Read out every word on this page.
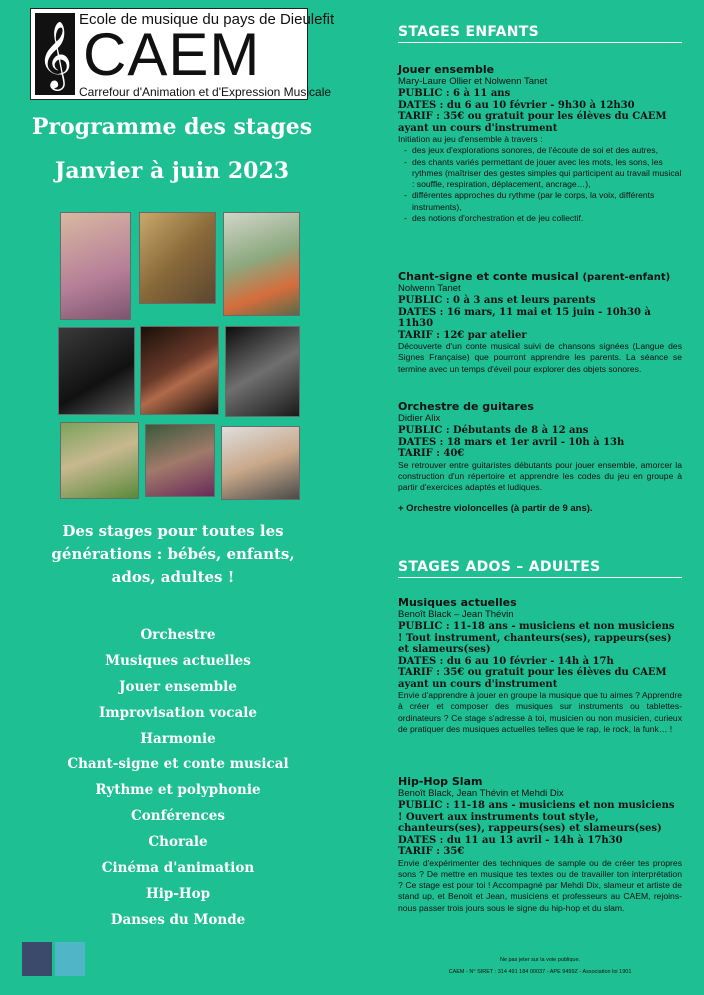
𝄞
Ecole de musique du pays de Dieulefit
CAEM
Carrefour d'Animation et d'Expression Musicale
Programme des stages
Janvier à juin 2023
Des stages pour toutes les générations : bébés, enfants, ados, adultes !
Orchestre
Musiques actuelles
Jouer ensemble
Improvisation vocale
Harmonie
Chant-signe et conte musical
Rythme et polyphonie
Conférences
Chorale
Cinéma d'animation
Hip-Hop
Danses du Monde
STAGES ENFANTS
Jouer ensemble
Mary-Laure Ollier et Nolwenn Tanet
PUBLIC : 6 à 11 ans
DATES : du 6 au 10 février - 9h30 à 12h30
TARIF : 35€ ou gratuit pour les élèves du CAEM ayant un cours d'instrument
Initiation au jeu d'ensemble à travers :
- des jeux d'explorations sonores, de l'écoute de soi et des autres,
- des chants variés permettant de jouer avec les mots, les sons, les rythmes (maîtriser des gestes simples qui participent au travail musical : souffle, respiration, déplacement, ancrage…),
- différentes approches du rythme (par le corps, la voix, différents instruments),
- des notions d'orchestration et de jeu collectif.
Chant-signe et conte musical (parent-enfant)
Nolwenn Tanet
PUBLIC : 0 à 3 ans et leurs parents
DATES : 16 mars, 11 mai et 15 juin - 10h30 à 11h30
TARIF : 12€ par atelier
Découverte d'un conte musical suivi de chansons signées (Langue des Signes Française) que pourront apprendre les parents. La séance se termine avec un temps d'éveil pour explorer des objets sonores.
Orchestre de guitares
Didier Alix
PUBLIC : Débutants de 8 à 12 ans
DATES : 18 mars et 1er avril - 10h à 13h
TARIF : 40€
Se retrouver entre guitaristes débutants pour jouer ensemble, amorcer la construction d'un répertoire et apprendre les codes du jeu en groupe à partir d'exercices adaptés et ludiques.
+ Orchestre violoncelles (à partir de 9 ans).
STAGES ADOS – ADULTES
Musiques actuelles
Benoît Black – Jean Thévin
PUBLIC : 11-18 ans - musiciens et non musiciens ! Tout instrument, chanteurs(ses), rappeurs(ses) et slameurs(ses)
DATES : du 6 au 10 février - 14h à 17h
TARIF : 35€ ou gratuit pour les élèves du CAEM ayant un cours d'instrument
Envie d'apprendre à jouer en groupe la musique que tu aimes ? Apprendre à créer et composer des musiques sur instruments ou tablettes-ordinateurs ? Ce stage s'adresse à toi, musicien ou non musicien, curieux de pratiquer des musiques actuelles telles que le rap, le rock, la funk… !
Hip-Hop Slam
Benoît Black, Jean Thévin et Mehdi Dix
PUBLIC : 11-18 ans - musiciens et non musiciens ! Ouvert aux instruments tout style, chanteurs(ses), rappeurs(ses) et slameurs(ses)
DATES : du 11 au 13 avril - 14h à 17h30
TARIF : 35€
Envie d'expérimenter des techniques de sample ou de créer tes propres sons ? De mettre en musique tes textes ou de travailler ton interprétation ? Ce stage est pour toi ! Accompagné par Mehdi Dix, slameur et artiste de stand up, et Benoit et Jean, musiciens et professeurs au CAEM, rejoins-nous passer trois jours sous le signe du hip-hop et du slam.
Ne pas jeter sur la voie publique.
CAEM - N° SIRET : 314 491 184 00037 - APE 9499Z - Association loi 1901
